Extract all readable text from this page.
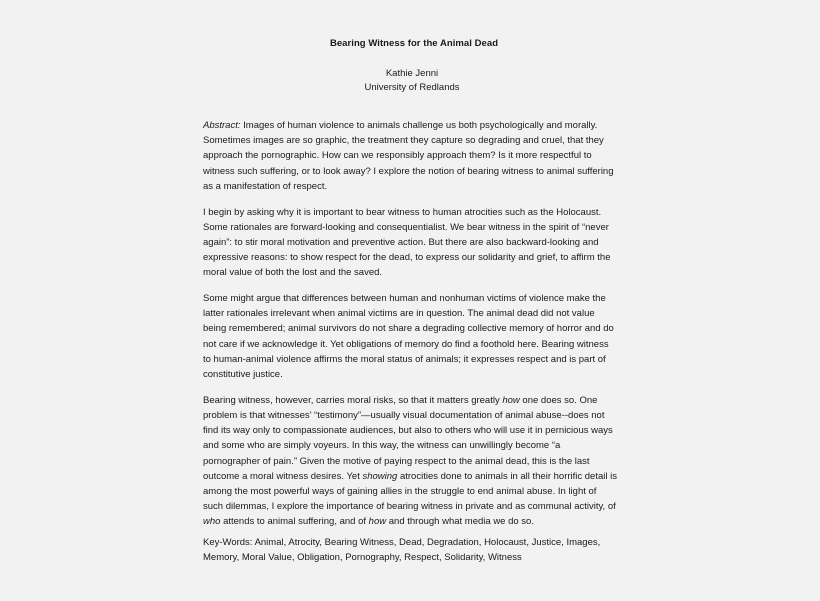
Bearing Witness for the Animal Dead
Kathie Jenni
University of Redlands

Abstract: Images of human violence to animals challenge us both psychologically and morally. Sometimes images are so graphic, the treatment they capture so degrading and cruel, that they approach the pornographic. How can we responsibly approach them? Is it more respectful to witness such suffering, or to look away? I explore the notion of bearing witness to animal suffering as a manifestation of respect.

I begin by asking why it is important to bear witness to human atrocities such as the Holocaust. Some rationales are forward-looking and consequentialist. We bear witness in the spirit of “never again”: to stir moral motivation and preventive action. But there are also backward-looking and expressive reasons: to show respect for the dead, to express our solidarity and grief, to affirm the moral value of both the lost and the saved.

Some might argue that differences between human and nonhuman victims of violence make the latter rationales irrelevant when animal victims are in question. The animal dead did not value being remembered; animal survivors do not share a degrading collective memory of horror and do not care if we acknowledge it. Yet obligations of memory do find a foothold here. Bearing witness to human-animal violence affirms the moral status of animals; it expresses respect and is part of constitutive justice.

Bearing witness, however, carries moral risks, so that it matters greatly how one does so. One problem is that witnesses’ “testimony”—usually visual documentation of animal abuse--does not find its way only to compassionate audiences, but also to others who will use it in pernicious ways and some who are simply voyeurs. In this way, the witness can unwillingly become “a pornographer of pain.” Given the motive of paying respect to the animal dead, this is the last outcome a moral witness desires. Yet showing atrocities done to animals in all their horrific detail is among the most powerful ways of gaining allies in the struggle to end animal abuse. In light of such dilemmas, I explore the importance of bearing witness in private and as communal activity, of who attends to animal suffering, and of how and through what media we do so.

Key-Words: Animal, Atrocity, Bearing Witness, Dead, Degradation, Holocaust, Justice, Images, Memory, Moral Value, Obligation, Pornography, Respect, Solidarity, Witness
